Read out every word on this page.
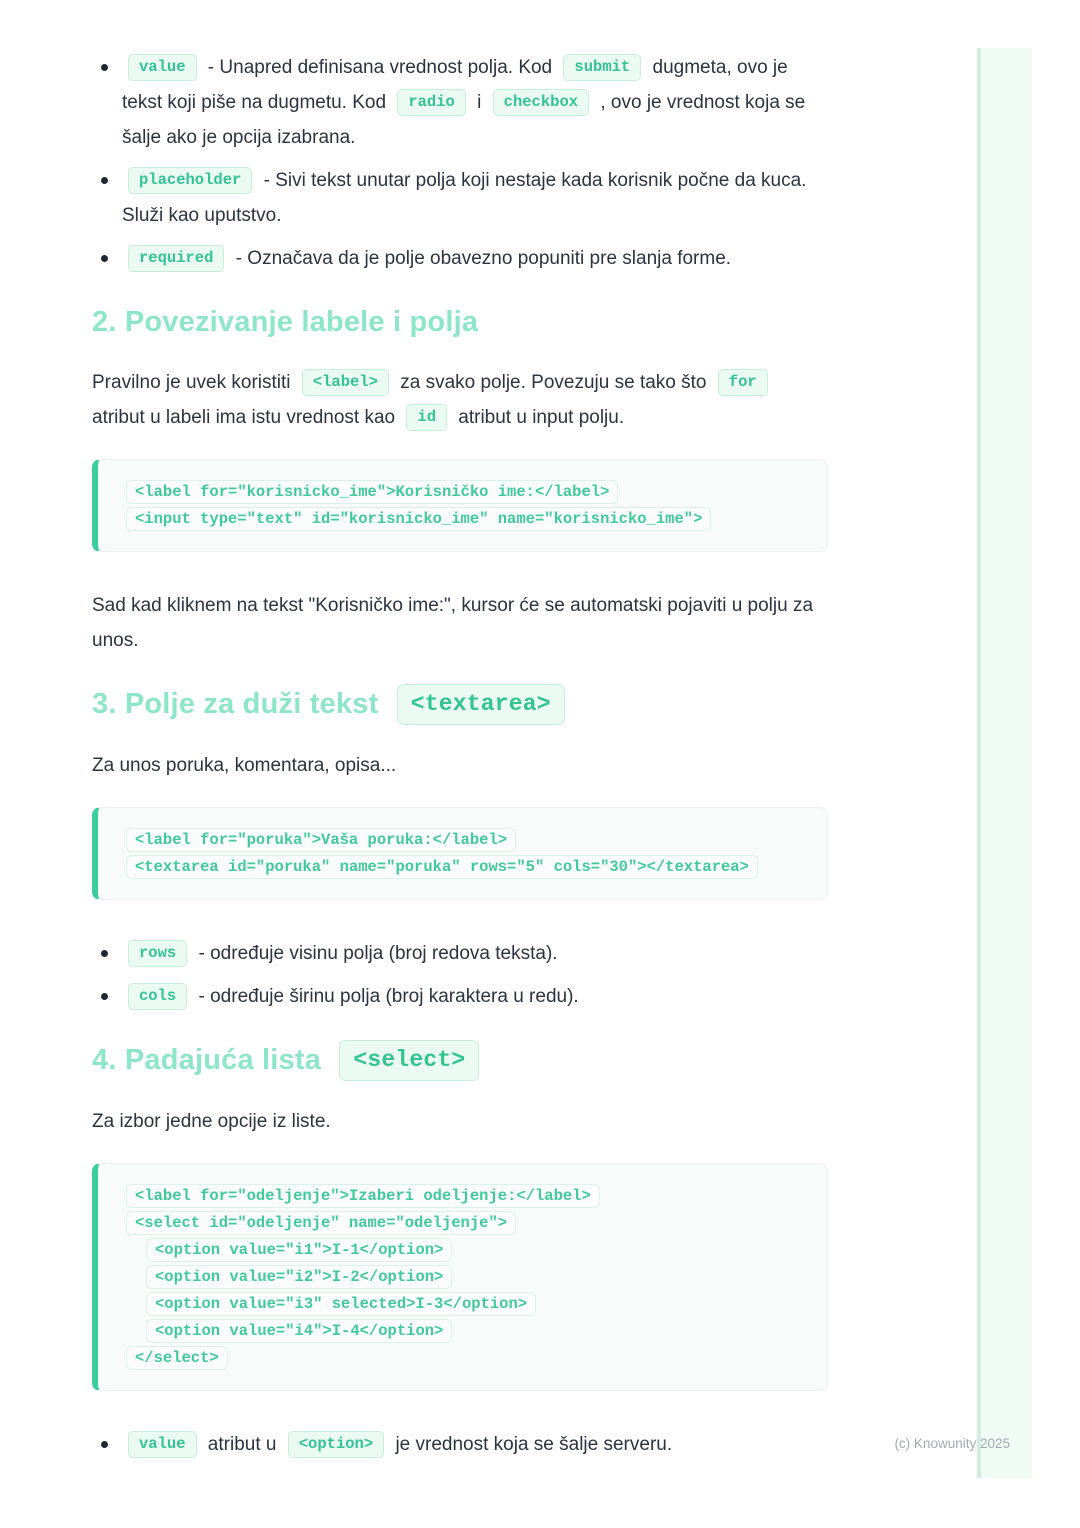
(c) Knowunity 2025
value - Unapred definisana vrednost polja. Kod submit dugmeta, ovo je tekst koji piše na dugmetu. Kod radio i checkbox , ovo je vrednost koja se šalje ako je opcija izabrana.
placeholder - Sivi tekst unutar polja koji nestaje kada korisnik počne da kuca. Služi kao uputstvo.
required - Označava da je polje obavezno popuniti pre slanja forme.
2. Povezivanje labele i polja

Pravilno je uvek koristiti <label> za svako polje. Povezuju se tako što for atribut u labeli ima istu vrednost kao id atribut u input polju.

<label for="korisnicko_ime">Korisničko ime:</label>
<input type="text" id="korisnicko_ime" name="korisnicko_ime">

Sad kad kliknem na tekst "Korisničko ime:", kursor će se automatski pojaviti u polju za unos.

3. Polje za duži tekst <textarea>

Za unos poruka, komentara, opisa...

<label for="poruka">Vaša poruka:</label>
<textarea id="poruka" name="poruka" rows="5" cols="30"></textarea>
rows - određuje visinu polja (broj redova teksta).
cols - određuje širinu polja (broj karaktera u redu).
4. Padajuća lista <select>

Za izbor jedne opcije iz liste.

<label for="odeljenje">Izaberi odeljenje:</label>
<select id="odeljenje" name="odeljenje">
<option value="i1">I-1</option>
<option value="i2">I-2</option>
<option value="i3" selected>I-3</option>
<option value="i4">I-4</option>
</select>
value atribut u <option> je vrednost koja se šalje serveru.
